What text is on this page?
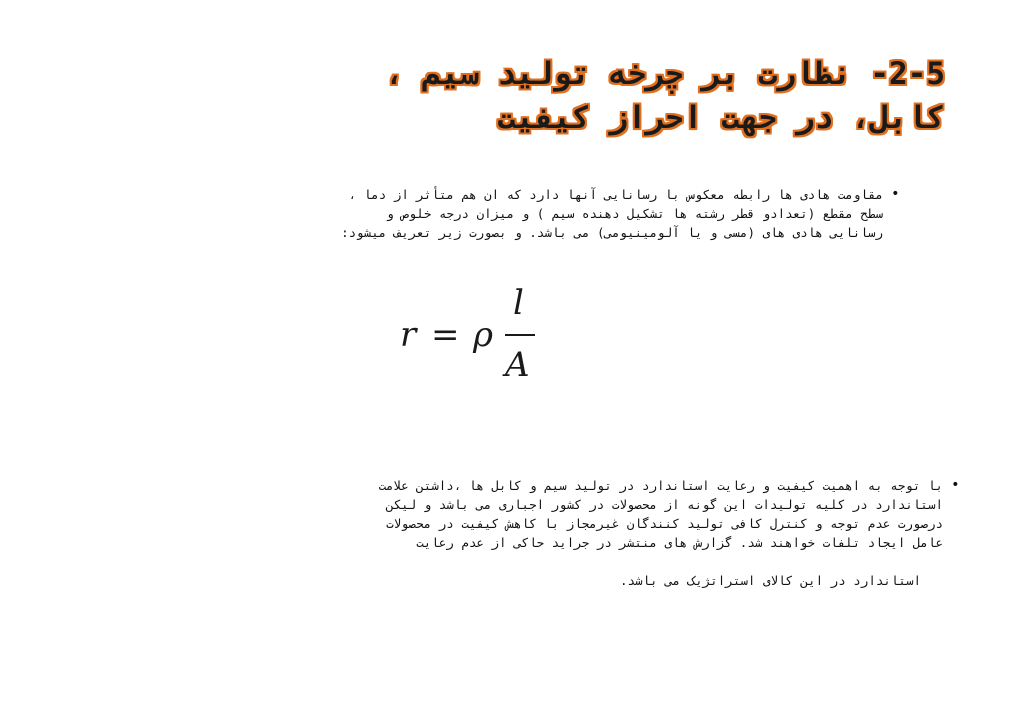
2-5- نظارت بر چرخه تولید سیم ،
کابل، در جهت احراز کیفیت
•
مقاومت هادی ها رابطه معکوس با رسانایی آنها دارد که ان هم متأثر از دما ،
سطح مقطع (تعدادو قطر رشته ها تشکیل دهنده سیم ) و میزان درجه خلوص و
رسانایی هادی های (مسی و یا آلومینیومی) می باشد. و بصورت زیر تعریف میشود:
r = ρ
l
A
•
با توجه به اهمیت کیفیت و رعایت استاندارد در تولید سیم و کابل ها ،داشتن علامت
استاندارد در کلیه تولیدات این گونه از محصولات در کشور اجباری می باشد و لیکن
درصورت عدم توجه و کنترل کافی تولید کنندگان غیرمجاز با کاهش کیفیت در محصولات
عامل ایجاد تلفات خواهند شد. گزارش های منتشر در جراید حاکی از عدم رعایت
استاندارد در این کالای استراتژیک می باشد.
